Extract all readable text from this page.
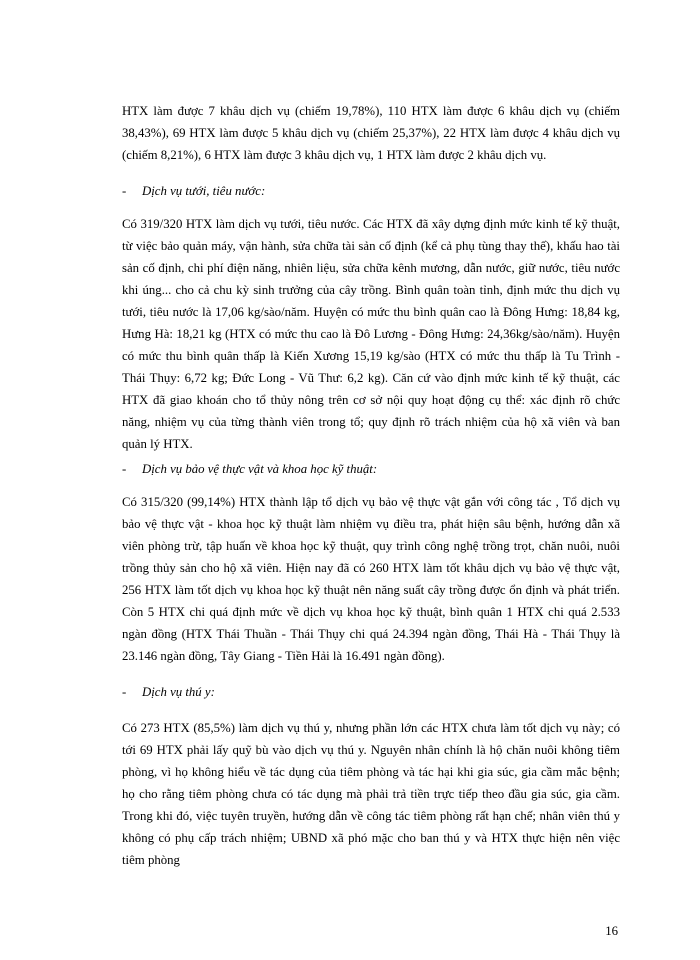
HTX làm được 7 khâu dịch vụ (chiếm 19,78%), 110 HTX làm được 6 khâu dịch vụ (chiếm 38,43%), 69 HTX làm được 5 khâu dịch vụ (chiếm 25,37%), 22 HTX làm được 4 khâu dịch vụ (chiếm 8,21%), 6 HTX làm được 3 khâu dịch vụ, 1 HTX làm được 2 khâu dịch vụ.

-	Dịch vụ tưới, tiêu nước:

Có 319/320 HTX làm dịch vụ tưới, tiêu nước. Các HTX đã xây dựng định mức kinh tế kỹ thuật, từ việc bảo quản máy, vận hành, sửa chữa tài sản cố định (kể cả phụ tùng thay thế), khấu hao tài sản cố định, chi phí điện năng, nhiên liệu, sửa chữa kênh mương, dẫn nước, giữ nước, tiêu nước khi úng... cho cả chu kỳ sinh trưởng của cây trồng. Bình quân toàn tỉnh, định mức thu dịch vụ tưới, tiêu nước là 17,06 kg/sào/năm. Huyện có mức thu bình quân cao là Đông Hưng: 18,84 kg, Hưng Hà: 18,21 kg (HTX có mức thu cao là Đô Lương - Đông Hưng: 24,36kg/sào/năm). Huyện có mức thu bình quân thấp là Kiến Xương 15,19 kg/sào (HTX có mức thu thấp là Tu Trình - Thái Thụy: 6,72 kg; Đức Long - Vũ Thư: 6,2 kg). Căn cứ vào định mức kinh tế kỹ thuật, các HTX đã giao khoán cho tổ thủy nông trên cơ sở nội quy hoạt động cụ thể: xác định rõ chức năng, nhiệm vụ của từng thành viên trong tổ; quy định rõ trách nhiệm của hộ xã viên và ban quản lý HTX.

-	Dịch vụ bảo vệ thực vật và khoa học kỹ thuật:

Có 315/320 (99,14%) HTX thành lập tổ dịch vụ bảo vệ thực vật gắn với công tác , Tổ dịch vụ bảo vệ thực vật - khoa học kỹ thuật làm nhiệm vụ điều tra, phát hiện sâu bệnh, hướng dẫn xã viên phòng trừ, tập huấn về khoa học kỹ thuật, quy trình công nghệ trồng trọt, chăn nuôi, nuôi trồng thủy sản cho hộ xã viên. Hiện nay đã có 260 HTX làm tốt khâu dịch vụ bảo vệ thực vật, 256 HTX làm tốt dịch vụ khoa học kỹ thuật nên năng suất cây trồng được ổn định và phát triển. Còn 5 HTX chi quá định mức về dịch vụ khoa học kỹ thuật, bình quân 1 HTX chi quá 2.533 ngàn đồng (HTX Thái Thuần - Thái Thụy chi quá 24.394 ngàn đồng, Thái Hà - Thái Thụy là 23.146 ngàn đồng, Tây Giang - Tiền Hải là 16.491 ngàn đồng).

-	Dịch vụ thú y:

Có 273 HTX (85,5%) làm dịch vụ thú y, nhưng phần lớn các HTX chưa làm tốt dịch vụ này; có tới 69 HTX phải lấy quỹ bù vào dịch vụ thú y. Nguyên nhân chính là hộ chăn nuôi không tiêm phòng, vì họ không hiểu về tác dụng của tiêm phòng và tác hại khi gia súc, gia cầm mắc bệnh; họ cho rằng tiêm phòng chưa có tác dụng mà phải trả tiền trực tiếp theo đầu gia súc, gia cầm. Trong khi đó, việc tuyên truyền, hướng dẫn về công tác tiêm phòng rất hạn chế; nhân viên thú y không có phụ cấp trách nhiệm; UBND xã phó mặc cho ban thú y và HTX thực hiện nên việc tiêm phòng

16
